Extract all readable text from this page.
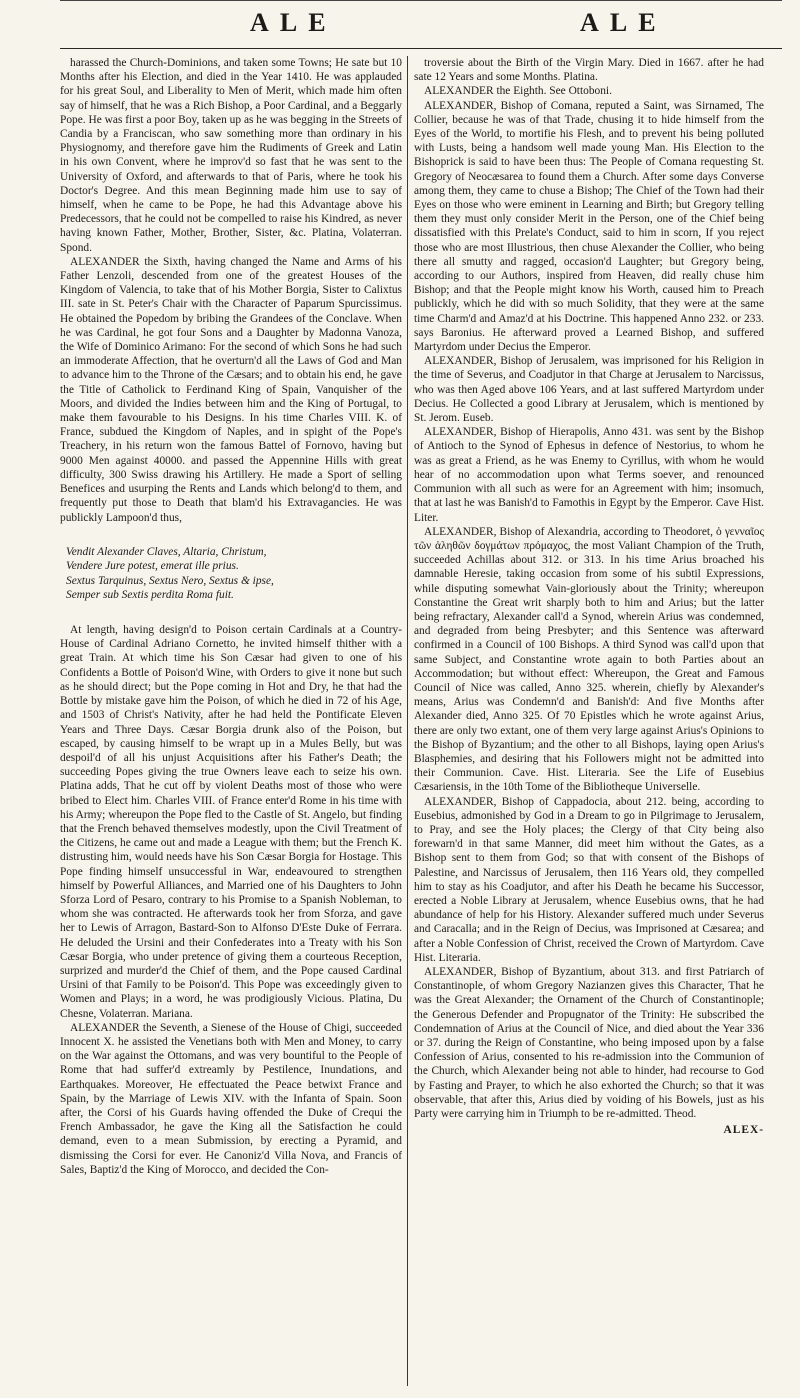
A L E	A L E

harassed the Church-Dominions, and taken some Towns; He sate but 10 Months after his Election, and died in the Year 1410. He was applauded for his great Soul, and Liberality to Men of Merit, which made him often say of himself, that he was a Rich Bishop, a Poor Cardinal, and a Beggarly Pope. He was first a poor Boy, taken up as he was begging in the Streets of Candia by a Franciscan, who saw something more than ordinary in his Physiognomy, and therefore gave him the Rudiments of Greek and Latin in his own Convent, where he improv'd so fast that he was sent to the University of Oxford, and afterwards to that of Paris, where he took his Doctor's Degree. And this mean Beginning made him use to say of himself, when he came to be Pope, he had this Advantage above his Predecessors, that he could not be compelled to raise his Kindred, as never having known Father, Mother, Brother, Sister, &c. Platina, Volaterran. Spond.

ALEXANDER the Sixth, having changed the Name and Arms of his Father Lenzoli, descended from one of the greatest Houses of the Kingdom of Valencia, to take that of his Mother Borgia, Sister to Calixtus III. sate in St. Peter's Chair with the Character of Paparum Spurcissimus. He obtained the Popedom by bribing the Grandees of the Conclave. When he was Cardinal, he got four Sons and a Daughter by Madonna Vanoza, the Wife of Dominico Arimano: For the second of which Sons he had such an immoderate Affection, that he overturn'd all the Laws of God and Man to advance him to the Throne of the Cæsars; and to obtain his end, he gave the Title of Catholick to Ferdinand King of Spain, Vanquisher of the Moors, and divided the Indies between him and the King of Portugal, to make them favourable to his Designs. In his time Charles VIII. K. of France, subdued the Kingdom of Naples, and in spight of the Pope's Treachery, in his return won the famous Battel of Fornovo, having but 9000 Men against 40000. and passed the Appennine Hills with great difficulty, 300 Swiss drawing his Artillery. He made a Sport of selling Benefices and usurping the Rents and Lands which belong'd to them, and frequently put those to Death that blam'd his Extravagancies. He was publickly Lampoon'd thus,

Vendit Alexander Claves, Altaria, Christum,
Vendere Jure potest, emerat ille prius.
Sextus Tarquinus, Sextus Nero, Sextus & ipse,
Semper sub Sextis perdita Roma fuit.

At length, having design'd to Poison certain Cardinals at a Country-House of Cardinal Adriano Cornetto, he invited himself thither with a great Train. At which time his Son Cæsar had given to one of his Confidents a Bottle of Poison'd Wine, with Orders to give it none but such as he should direct; but the Pope coming in Hot and Dry, he that had the Bottle by mistake gave him the Poison, of which he died in 72 of his Age, and 1503 of Christ's Nativity, after he had held the Pontificate Eleven Years and Three Days. Cæsar Borgia drunk also of the Poison, but escaped, by causing himself to be wrapt up in a Mules Belly, but was despoil'd of all his unjust Acquisitions after his Father's Death; the succeeding Popes giving the true Owners leave each to seize his own. Platina adds, That he cut off by violent Deaths most of those who were bribed to Elect him. Charles VIII. of France enter'd Rome in his time with his Army; whereupon the Pope fled to the Castle of St. Angelo, but finding that the French behaved themselves modestly, upon the Civil Treatment of the Citizens, he came out and made a League with them; but the French K. distrusting him, would needs have his Son Cæsar Borgia for Hostage. This Pope finding himself unsuccessful in War, endeavoured to strengthen himself by Powerful Alliances, and Married one of his Daughters to John Sforza Lord of Pesaro, contrary to his Promise to a Spanish Nobleman, to whom she was contracted. He afterwards took her from Sforza, and gave her to Lewis of Arragon, Bastard-Son to Alfonso D'Este Duke of Ferrara. He deluded the Ursini and their Confederates into a Treaty with his Son Cæsar Borgia, who under pretence of giving them a courteous Reception, surprized and murder'd the Chief of them, and the Pope caused Cardinal Ursini of that Family to be Poison'd. This Pope was exceedingly given to Women and Plays; in a word, he was prodigiously Vicious. Platina, Du Chesne, Volaterran. Mariana.

ALEXANDER the Seventh, a Sienese of the House of Chigi, succeeded Innocent X. he assisted the Venetians both with Men and Money, to carry on the War against the Ottomans, and was very bountiful to the People of Rome that had suffer'd extreamly by Pestilence, Inundations, and Earthquakes. Moreover, He effectuated the Peace betwixt France and Spain, by the Marriage of Lewis XIV. with the Infanta of Spain. Soon after, the Corsi of his Guards having offended the Duke of Crequi the French Ambassador, he gave the King all the Satisfaction he could demand, even to a mean Submission, by erecting a Pyramid, and dismissing the Corsi for ever. He Canoniz'd Villa Nova, and Francis of Sales, Baptiz'd the King of Morocco, and decided the Con-

troversie about the Birth of the Virgin Mary. Died in 1667. after he had sate 12 Years and some Months. Platina.

ALEXANDER the Eighth. See Ottoboni.

ALEXANDER, Bishop of Comana, reputed a Saint, was Sirnamed, The Collier, because he was of that Trade, chusing it to hide himself from the Eyes of the World, to mortifie his Flesh, and to prevent his being polluted with Lusts, being a handsom well made young Man. His Election to the Bishoprick is said to have been thus: The People of Comana requesting St. Gregory of Neocæsarea to found them a Church. After some days Converse among them, they came to chuse a Bishop; The Chief of the Town had their Eyes on those who were eminent in Learning and Birth; but Gregory telling them they must only consider Merit in the Person, one of the Chief being dissatisfied with this Prelate's Conduct, said to him in scorn, If you reject those who are most Illustrious, then chuse Alexander the Collier, who being there all smutty and ragged, occasion'd Laughter; but Gregory being, according to our Authors, inspired from Heaven, did really chuse him Bishop; and that the People might know his Worth, caused him to Preach publickly, which he did with so much Solidity, that they were at the same time Charm'd and Amaz'd at his Doctrine. This happened Anno 232. or 233. says Baronius. He afterward proved a Learned Bishop, and suffered Martyrdom under Decius the Emperor.

ALEXANDER, Bishop of Jerusalem, was imprisoned for his Religion in the time of Severus, and Coadjutor in that Charge at Jerusalem to Narcissus, who was then Aged above 106 Years, and at last suffered Martyrdom under Decius. He Collected a good Library at Jerusalem, which is mentioned by St. Jerom. Euseb.

ALEXANDER, Bishop of Hierapolis, Anno 431. was sent by the Bishop of Antioch to the Synod of Ephesus in defence of Nestorius, to whom he was as great a Friend, as he was Enemy to Cyrillus, with whom he would hear of no accommodation upon what Terms soever, and renounced Communion with all such as were for an Agreement with him; insomuch, that at last he was Banish'd to Famothis in Egypt by the Emperor. Cave Hist. Liter.

ALEXANDER, Bishop of Alexandria, according to Theodoret, ὁ γενναῖος τῶν ἀληθῶν δογμάτων πρόμαχος, the most Valiant Champion of the Truth, succeeded Achillas about 312. or 313. In his time Arius broached his damnable Heresie, taking occasion from some of his subtil Expressions, while disputing somewhat Vain-gloriously about the Trinity; whereupon Constantine the Great writ sharply both to him and Arius; but the latter being refractary, Alexander call'd a Synod, wherein Arius was condemned, and degraded from being Presbyter; and this Sentence was afterward confirmed in a Council of 100 Bishops. A third Synod was call'd upon that same Subject, and Constantine wrote again to both Parties about an Accommodation; but without effect: Whereupon, the Great and Famous Council of Nice was called, Anno 325. wherein, chiefly by Alexander's means, Arius was Condemn'd and Banish'd: And five Months after Alexander died, Anno 325. Of 70 Epistles which he wrote against Arius, there are only two extant, one of them very large against Arius's Opinions to the Bishop of Byzantium; and the other to all Bishops, laying open Arius's Blasphemies, and desiring that his Followers might not be admitted into their Communion. Cave. Hist. Literaria. See the Life of Eusebius Cæsariensis, in the 10th Tome of the Bibliotheque Universelle.

ALEXANDER, Bishop of Cappadocia, about 212. being, according to Eusebius, admonished by God in a Dream to go in Pilgrimage to Jerusalem, to Pray, and see the Holy places; the Clergy of that City being also forewarn'd in that same Manner, did meet him without the Gates, as a Bishop sent to them from God; so that with consent of the Bishops of Palestine, and Narcissus of Jerusalem, then 116 Years old, they compelled him to stay as his Coadjutor, and after his Death he became his Successor, erected a Noble Library at Jerusalem, whence Eusebius owns, that he had abundance of help for his History. Alexander suffered much under Severus and Caracalla; and in the Reign of Decius, was Imprisoned at Cæsarea; and after a Noble Confession of Christ, received the Crown of Martyrdom. Cave Hist. Literaria.

ALEXANDER, Bishop of Byzantium, about 313. and first Patriarch of Constantinople, of whom Gregory Nazianzen gives this Character, That he was the Great Alexander; the Ornament of the Church of Constantinople; the Generous Defender and Propugnator of the Trinity: He subscribed the Condemnation of Arius at the Council of Nice, and died about the Year 336 or 37. during the Reign of Constantine, who being imposed upon by a false Confession of Arius, consented to his re-admission into the Communion of the Church, which Alexander being not able to hinder, had recourse to God by Fasting and Prayer, to which he also exhorted the Church; so that it was observable, that after this, Arius died by voiding of his Bowels, just as his Party were carrying him in Triumph to be re-admitted. Theod.

ALEX-
